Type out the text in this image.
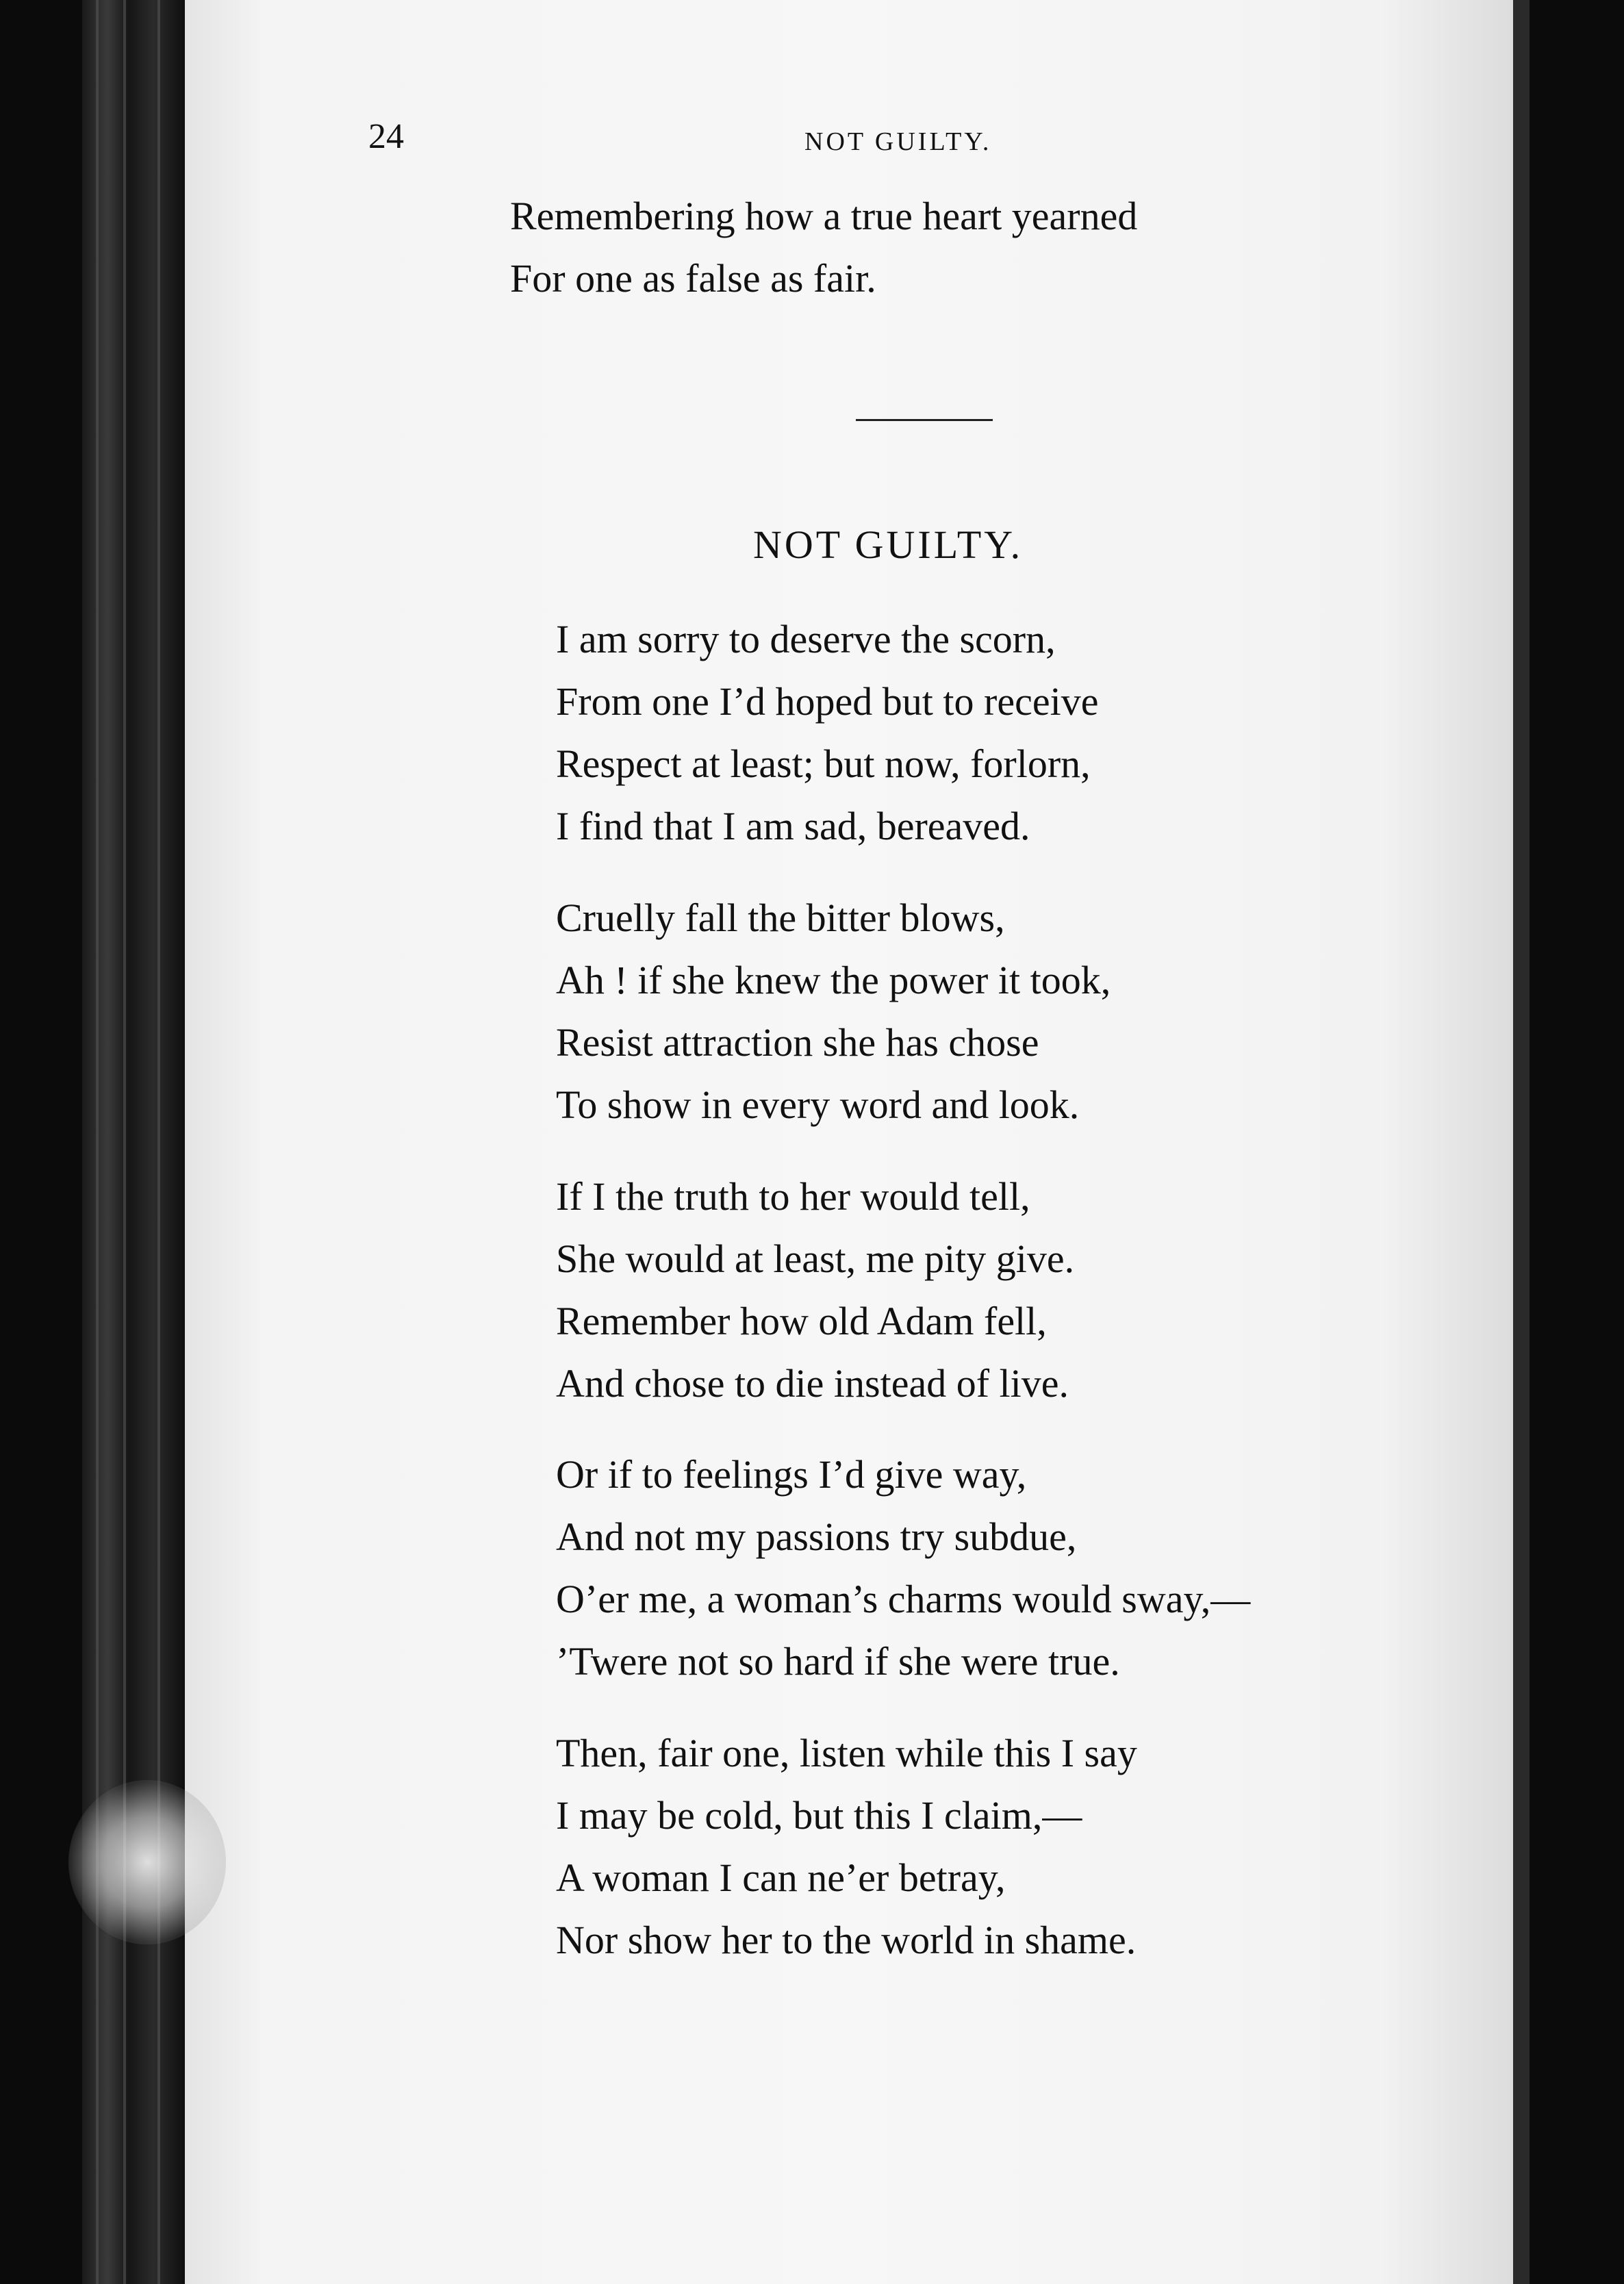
24	NOT GUILTY.
Remembering how a true heart yearned
For one as false as fair.
NOT GUILTY.
I am sorry to deserve the scorn,
From one I’d hoped but to receive
Respect at least; but now, forlorn,
I find that I am sad, bereaved.
Cruelly fall the bitter blows,
Ah ! if she knew the power it took,
Resist attraction she has chose
To show in every word and look.
If I the truth to her would tell,
She would at least, me pity give.
Remember how old Adam fell,
And chose to die instead of live.
Or if to feelings I’d give way,
And not my passions try subdue,
O’er me, a woman’s charms would sway,—
’Twere not so hard if she were true.
Then, fair one, listen while this I say
I may be cold, but this I claim,—
A woman I can ne’er betray,
Nor show her to the world in shame.
